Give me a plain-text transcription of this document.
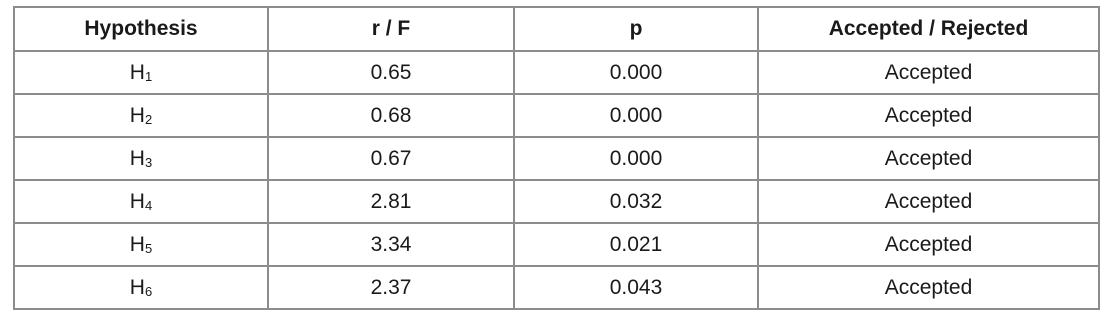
Hypothesis	r / F	p	Accepted / Rejected
$H_1$	0.65	0.000	Accepted
$H_2$	0.68	0.000	Accepted
$H_3$	0.67	0.000	Accepted
$H_4$	2.81	0.032	Accepted
$H_5$	3.34	0.021	Accepted
$H_6$	2.37	0.043	Accepted
